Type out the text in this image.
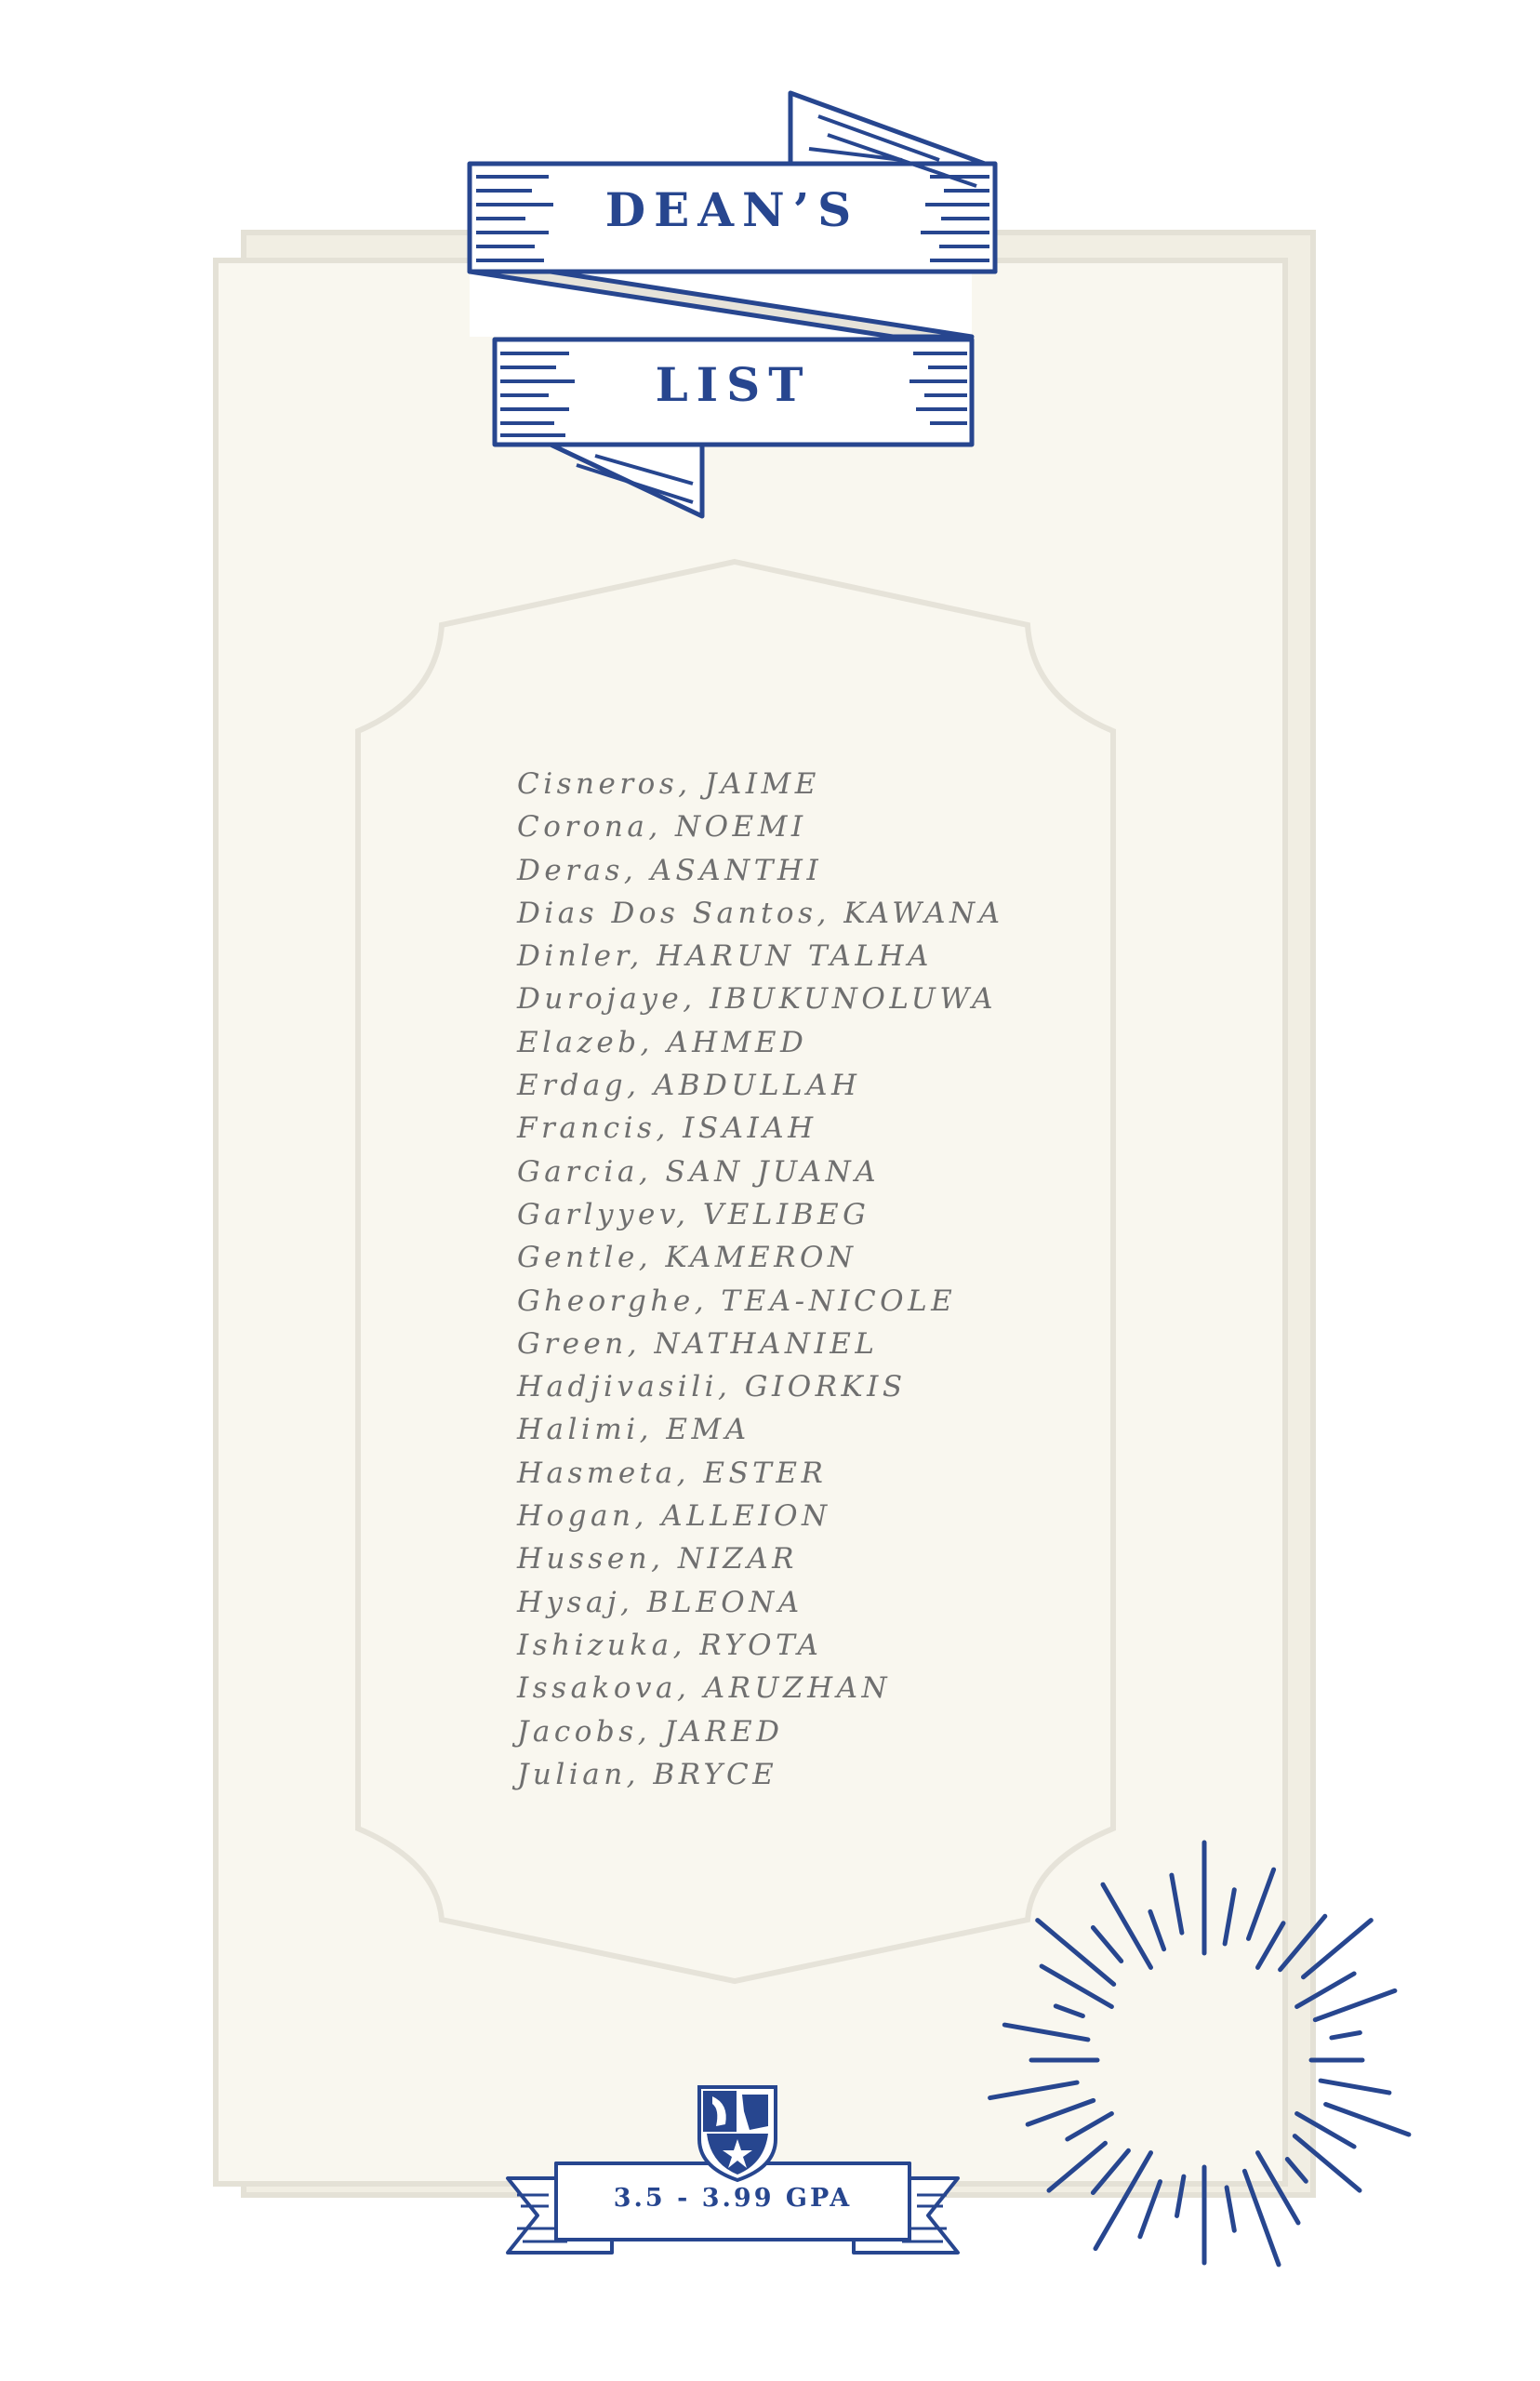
DEAN’S
LIST
Cisneros, JAIME
Corona, NOEMI
Deras, ASANTHI
Dias Dos Santos, KAWANA
Dinler, HARUN TALHA
Durojaye, IBUKUNOLUWA
Elazeb, AHMED
Erdag, ABDULLAH
Francis, ISAIAH
Garcia, SAN JUANA
Garlyyev, VELIBEG
Gentle, KAMERON
Gheorghe, TEA-NICOLE
Green, NATHANIEL
Hadjivasili, GIORKIS
Halimi, EMA
Hasmeta, ESTER
Hogan, ALLEION
Hussen, NIZAR
Hysaj, BLEONA
Ishizuka, RYOTA
Issakova, ARUZHAN
Jacobs, JARED
Julian, BRYCE
3.5 - 3.99 GPA
